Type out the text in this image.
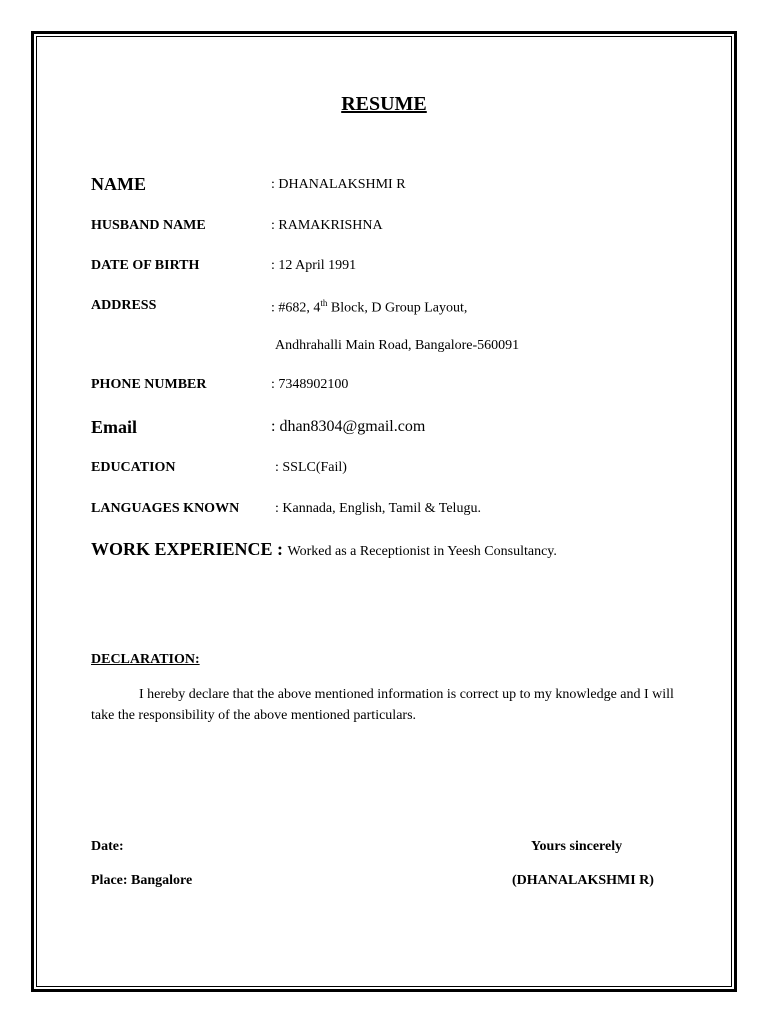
RESUME
NAME	: DHANALAKSHMI R
HUSBAND NAME	: RAMAKRISHNA
DATE OF BIRTH	: 12 April 1991
ADDRESS	: #682, 4th Block, D Group Layout,
Andhrahalli Main Road, Bangalore-560091
PHONE NUMBER	: 7348902100
Email	: dhan8304@gmail.com
EDUCATION	: SSLC(Fail)
LANGUAGES KNOWN	: Kannada, English, Tamil & Telugu.
WORK EXPERIENCE : Worked as a Receptionist in Yeesh Consultancy.
DECLARATION:
I hereby declare that the above mentioned information is correct up to my knowledge and I will take the responsibility of the above mentioned particulars.
Date:
Place: Bangalore
Yours sincerely
(DHANALAKSHMI R)
